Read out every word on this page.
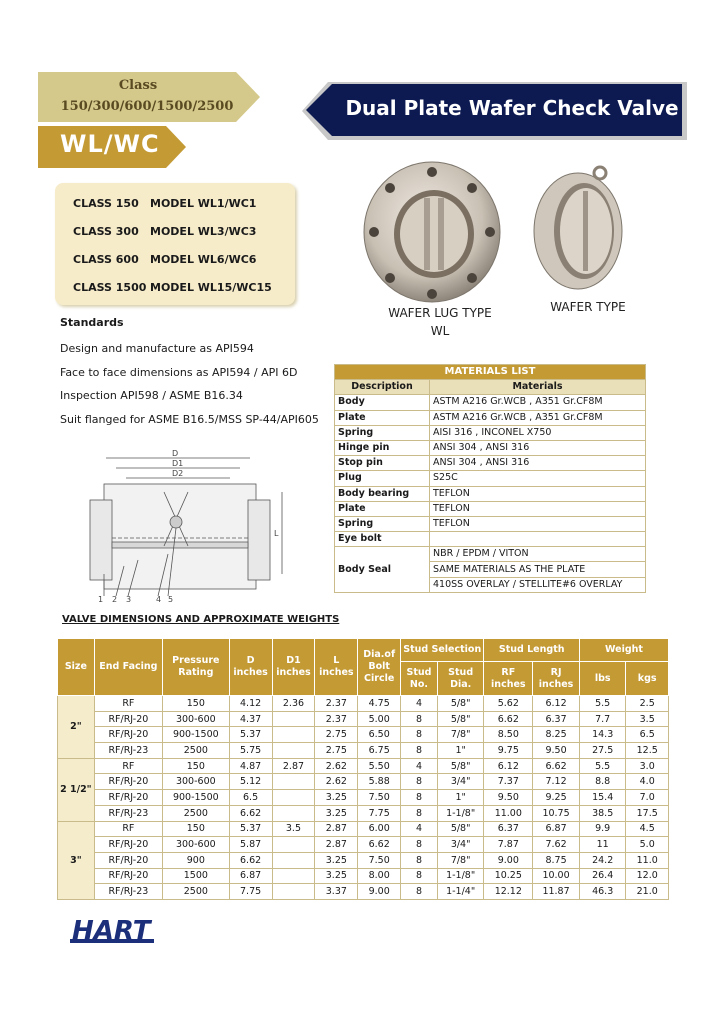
Class
150/300/600/1500/2500
WL/WC
Dual Plate Wafer Check Valve
CLASS 150 MODEL WL1/WC1
CLASS 300 MODEL WL3/WC3
CLASS 600 MODEL WL6/WC6
CLASS 1500 MODEL WL15/WC15
WAFER LUG TYPE
WL
WAFER TYPE
Standards
Design and manufacture as API594
Face to face dimensions as API594 / API 6D
Inspection API598 / ASME B16.34
Suit flanged for ASME B16.5/MSS SP-44/API605
D
D1
D2
L
1 2 3	4 5
MATERIALS LIST	
Description	Materials
Body	ASTM A216 Gr.WCB , A351 Gr.CF8M
Plate	ASTM A216 Gr.WCB , A351 Gr.CF8M
Spring	AISI 316 , INCONEL X750
Hinge pin	ANSI 304 , ANSI 316
Stop pin	ANSI 304 , ANSI 316
Plug	S25C
Body bearing	TEFLON
Plate	TEFLON
Spring	TEFLON
Eye bolt	
Body Seal	NBR / EPDM / VITON
	SAME MATERIALS AS THE PLATE
	410SS OVERLAY / STELLITE#6 OVERLAY
VALVE DIMENSIONS AND APPROXIMATE WEIGHTS
Size	End Facing	Pressure Rating	D inches	D1 inches	L inches	Dia.of Bolt Circle	Stud Selection		Stud Length		Weight	
							Stud No.	Stud Dia.	RF inches	RJ inches	lbs	kgs
2"	RF	150	4.12	2.36	2.37	4.75	4	5/8"	5.62	6.12	5.5	2.5
	RF/RJ-20	300-600	4.37		2.37	5.00	8	5/8"	6.62	6.37	7.7	3.5
	RF/RJ-20	900-1500	5.37		2.75	6.50	8	7/8"	8.50	8.25	14.3	6.5
	RF/RJ-23	2500	5.75		2.75	6.75	8	1"	9.75	9.50	27.5	12.5
2 1/2"	RF	150	4.87	2.87	2.62	5.50	4	5/8"	6.12	6.62	5.5	3.0
	RF/RJ-20	300-600	5.12		2.62	5.88	8	3/4"	7.37	7.12	8.8	4.0
	RF/RJ-20	900-1500	6.5		3.25	7.50	8	1"	9.50	9.25	15.4	7.0
	RF/RJ-23	2500	6.62		3.25	7.75	8	1-1/8"	11.00	10.75	38.5	17.5
3"	RF	150	5.37	3.5	2.87	6.00	4	5/8"	6.37	6.87	9.9	4.5
	RF/RJ-20	300-600	5.87		2.87	6.62	8	3/4"	7.87	7.62	11	5.0
	RF/RJ-20	900	6.62		3.25	7.50	8	7/8"	9.00	8.75	24.2	11.0
	RF/RJ-20	1500	6.87		3.25	8.00	8	1-1/8"	10.25	10.00	26.4	12.0
	RF/RJ-23	2500	7.75		3.37	9.00	8	1-1/4"	12.12	11.87	46.3	21.0
HART
